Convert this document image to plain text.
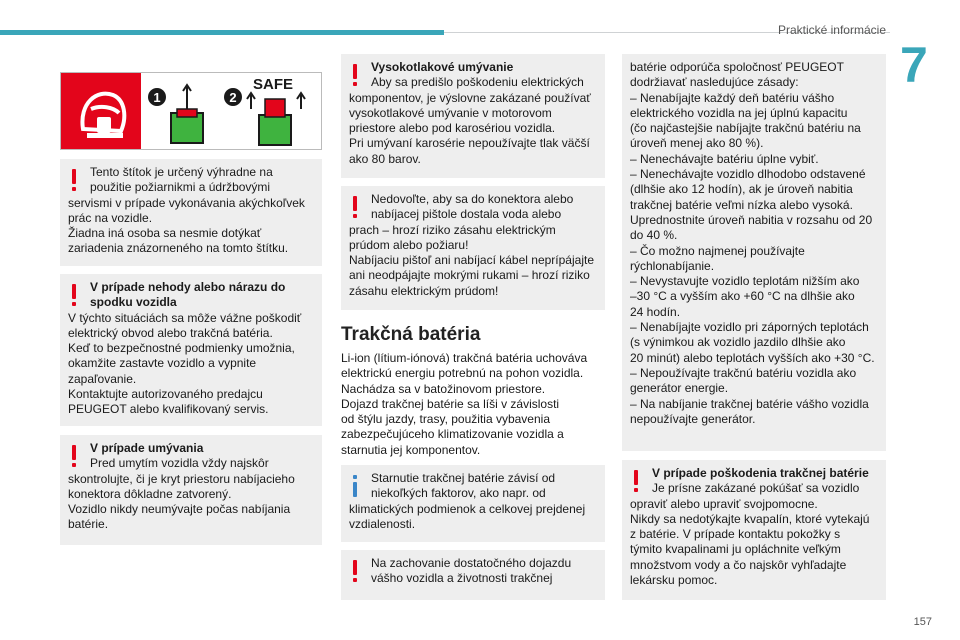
Praktické informácie
7
1	2
SAFE
Tento štítok je určený výhradne na
použitie požiarnikmi a údržbovými
servismi v prípade vykonávania akýchkoľvek
prác na vozidle.
Žiadna iná osoba sa nesmie dotýkať
zariadenia znázorneného na tomto štítku.
V prípade nehody alebo nárazu do
spodku vozidla
V týchto situáciách sa môže vážne poškodiť
elektrický obvod alebo trakčná batéria.
Keď to bezpečnostné podmienky umožnia,
okamžite zastavte vozidlo a vypnite
zapaľovanie.
Kontaktujte autorizovaného predajcu
PEUGEOT alebo kvalifikovaný servis.
V prípade umývania
Pred umytím vozidla vždy najskôr
skontrolujte, či je kryt priestoru nabíjacieho
konektora dôkladne zatvorený.
Vozidlo nikdy neumývajte počas nabíjania
batérie.
Vysokotlakové umývanie
Aby sa predišlo poškodeniu elektrických
komponentov, je výslovne zakázané používať
vysokotlakové umývanie v motorovom
priestore alebo pod karosériou vozidla.
Pri umývaní karosérie nepoužívajte tlak väčší
ako 80 barov.
Nedovoľte, aby sa do konektora alebo
nabíjacej pištole dostala voda alebo
prach – hrozí riziko zásahu elektrickým
prúdom alebo požiaru!
Nabíjaciu pištoľ ani nabíjací kábel neprípájajte
ani neodpájajte mokrými rukami – hrozí riziko
zásahu elektrickým prúdom!
Trakčná batéria
Li-ion (lítium-iónová) trakčná batéria uchováva
elektrickú energiu potrebnú na pohon vozidla.
Nachádza sa v batožinovom priestore.
Dojazd trakčnej batérie sa líši v závislosti
od štýlu jazdy, trasy, použitia vybavenia
zabezpečujúceho klimatizovanie vozidla a
starnutia jej komponentov.
Starnutie trakčnej batérie závisí od
niekoľkých faktorov, ako napr. od
klimatických podmienok a celkovej prejdenej
vzdialenosti.
Na zachovanie dostatočného dojazdu
vášho vozidla a životnosti trakčnej
batérie odporúča spoločnosť PEUGEOT
dodržiavať nasledujúce zásady:
– Nenabíjajte každý deň batériu vášho
elektrického vozidla na jej úplnú kapacitu
(čo najčastejšie nabíjajte trakčnú batériu na
úroveň menej ako 80 %).
– Nenechávajte batériu úplne vybiť.
– Nenechávajte vozidlo dlhodobo odstavené
(dlhšie ako 12 hodín), ak je úroveň nabitia
trakčnej batérie veľmi nízka alebo vysoká.
Uprednostnite úroveň nabitia v rozsahu od 20
do 40 %.
– Čo možno najmenej používajte
rýchlonabíjanie.
– Nevystavujte vozidlo teplotám nižším ako
–30 °C a vyšším ako +60 °C na dlhšie ako
24 hodín.
– Nenabíjajte vozidlo pri záporných teplotách
(s výnimkou ak vozidlo jazdilo dlhšie ako
20 minút) alebo teplotách vyšších ako +30 °C.
– Nepoužívajte trakčnú batériu vozidla ako
generátor energie.
– Na nabíjanie trakčnej batérie vášho vozidla
nepoužívajte generátor.
V prípade poškodenia trakčnej batérie
Je prísne zakázané pokúšať sa vozidlo
opraviť alebo upraviť svojpomocne.
Nikdy sa nedotýkajte kvapalín, ktoré vytekajú
z batérie. V prípade kontaktu pokožky s
týmito kvapalinami ju opláchnite veľkým
množstvom vody a čo najskôr vyhľadajte
lekársku pomoc.
157
